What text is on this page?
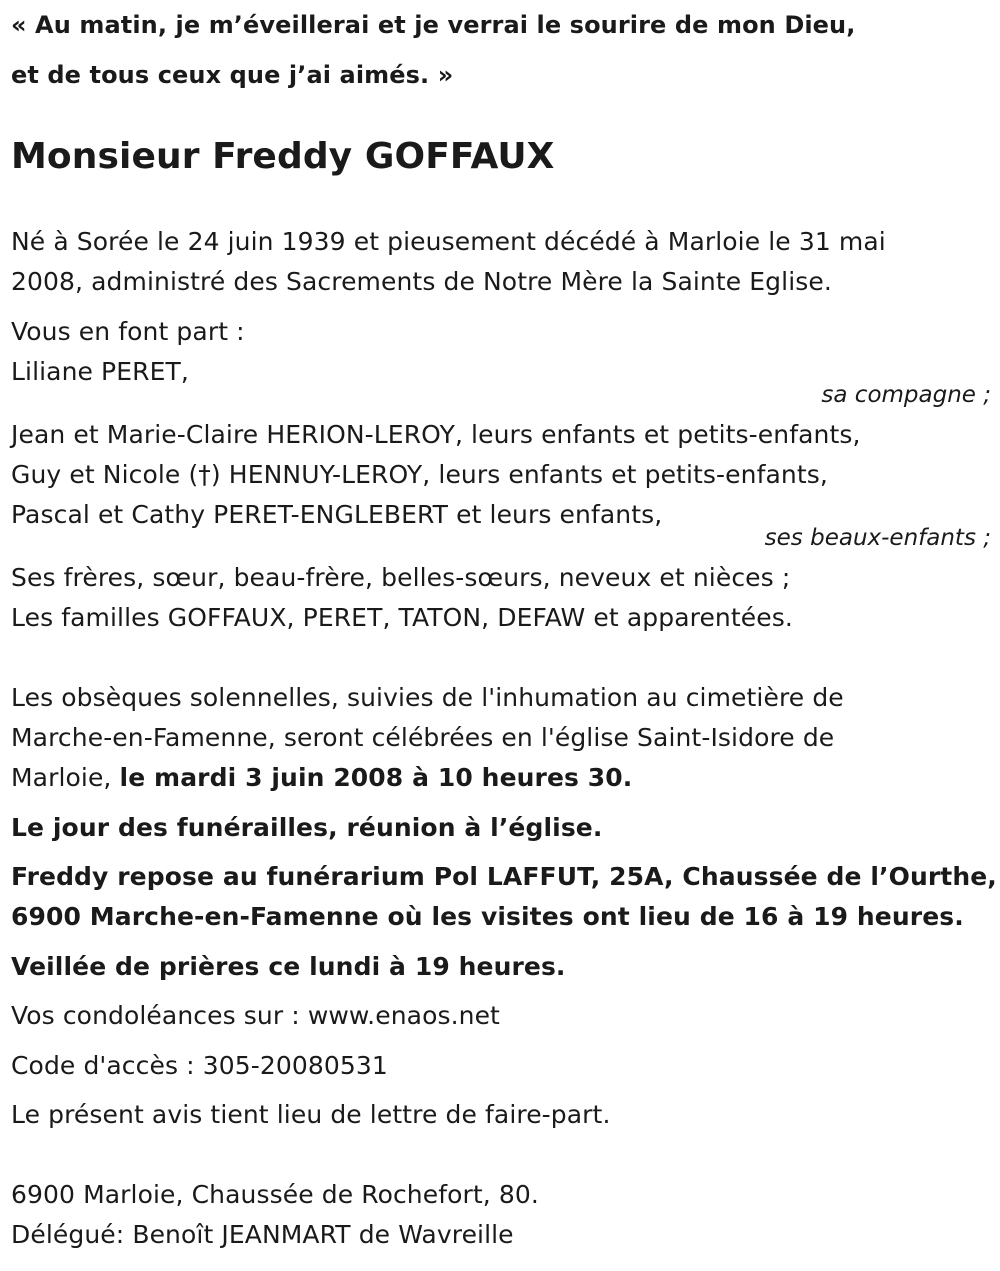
« Au matin, je m’éveillerai et je verrai le sourire de mon Dieu,
et de tous ceux que j’ai aimés. »
Monsieur Freddy GOFFAUX
Né à Sorée le 24 juin 1939 et pieusement décédé à Marloie le 31 mai
2008, administré des Sacrements de Notre Mère la Sainte Eglise.
Vous en font part :
Liliane PERET,
sa compagne ;
Jean et Marie-Claire HERION-LEROY, leurs enfants et petits-enfants,
Guy et Nicole (†) HENNUY-LEROY, leurs enfants et petits-enfants,
Pascal et Cathy PERET-ENGLEBERT et leurs enfants,
ses beaux-enfants ;
Ses frères, sœur, beau-frère, belles-sœurs, neveux et nièces ;
Les familles GOFFAUX, PERET, TATON, DEFAW et apparentées.
Les obsèques solennelles, suivies de l'inhumation au cimetière de
Marche-en-Famenne, seront célébrées en l'église Saint-Isidore de
Marloie, le mardi 3 juin 2008 à 10 heures 30.
Le jour des funérailles, réunion à l’église.
Freddy repose au funérarium Pol LAFFUT, 25A, Chaussée de l’Ourthe,
6900 Marche-en-Famenne où les visites ont lieu de 16 à 19 heures.
Veillée de prières ce lundi à 19 heures.
Vos condoléances sur : www.enaos.net
Code d'accès : 305-20080531
Le présent avis tient lieu de lettre de faire-part.
6900 Marloie, Chaussée de Rochefort, 80.
Délégué: Benoît JEANMART de Wavreille
